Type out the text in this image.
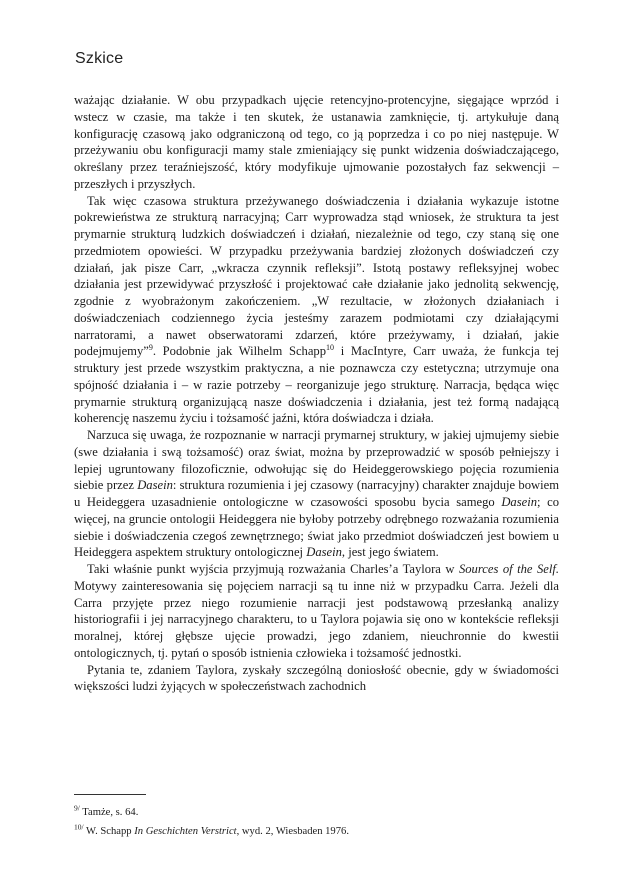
Szkice

ważając działanie. W obu przypadkach ujęcie retencyjno-protencyjne, sięgające wprzód i wstecz w czasie, ma także i ten skutek, że ustanawia zamknięcie, tj. artykułuje daną konfigurację czasową jako odgraniczoną od tego, co ją poprzedza i co po niej następuje. W przeżywaniu obu konfiguracji mamy stale zmieniający się punkt widzenia doświadczającego, określany przez teraźniejszość, który modyfikuje ujmowanie pozostałych faz sekwencji – przeszłych i przyszłych.

Tak więc czasowa struktura przeżywanego doświadczenia i działania wykazuje istotne pokrewieństwa ze strukturą narracyjną; Carr wyprowadza stąd wniosek, że struktura ta jest prymarnie strukturą ludzkich doświadczeń i działań, niezależnie od tego, czy staną się one przedmiotem opowieści. W przypadku przeżywania bardziej złożonych doświadczeń czy działań, jak pisze Carr, „wkracza czynnik refleksji”. Istotą postawy refleksyjnej wobec działania jest przewidywać przyszłość i projektować całe działanie jako jednolitą sekwencję, zgodnie z wyobrażonym zakończeniem. „W rezultacie, w złożonych działaniach i doświadczeniach codziennego życia jesteśmy zarazem podmiotami czy działającymi narratorami, a nawet obserwatorami zdarzeń, które przeżywamy, i działań, jakie podejmujemy”$^9$. Podobnie jak Wilhelm Schapp$^{10}$ i MacIntyre, Carr uważa, że funkcja tej struktury jest przede wszystkim praktyczna, a nie poznawcza czy estetyczna; utrzymuje ona spójność działania i – w razie potrzeby – reorganizuje jego strukturę. Narracja, będąca więc prymarnie strukturą organizującą nasze doświadczenia i działania, jest też formą nadającą koherencję naszemu życiu i tożsamość jaźni, która doświadcza i działa.

Narzuca się uwaga, że rozpoznanie w narracji prymarnej struktury, w jakiej ujmujemy siebie (swe działania i swą tożsamość) oraz świat, można by przeprowadzić w sposób pełniejszy i lepiej ugruntowany filozoficznie, odwołując się do Heideggerowskiego pojęcia rozumienia siebie przez Dasein: struktura rozumienia i jej czasowy (narracyjny) charakter znajduje bowiem u Heideggera uzasadnienie ontologiczne w czasowości sposobu bycia samego Dasein; co więcej, na gruncie ontologii Heideggera nie byłoby potrzeby odrębnego rozważania rozumienia siebie i doświadczenia czegoś zewnętrznego; świat jako przedmiot doświadczeń jest bowiem u Heideggera aspektem struktury ontologicznej Dasein, jest jego światem.

Taki właśnie punkt wyjścia przyjmują rozważania Charles’a Taylora w Sources of the Self. Motywy zainteresowania się pojęciem narracji są tu inne niż w przypadku Carra. Jeżeli dla Carra przyjęte przez niego rozumienie narracji jest podstawową przesłanką analizy historiografii i jej narracyjnego charakteru, to u Taylora pojawia się ono w kontekście refleksji moralnej, której głębsze ujęcie prowadzi, jego zdaniem, nieuchronnie do kwestii ontologicznych, tj. pytań o sposób istnienia człowieka i tożsamość jednostki.

Pytania te, zdaniem Taylora, zyskały szczególną doniosłość obecnie, gdy w świadomości większości ludzi żyjących w społeczeństwach zachodnich

$^{9/}$ Tamże, s. 64.

$^{10/}$ W. Schapp In Geschichten Verstrict, wyd. 2, Wiesbaden 1976.
